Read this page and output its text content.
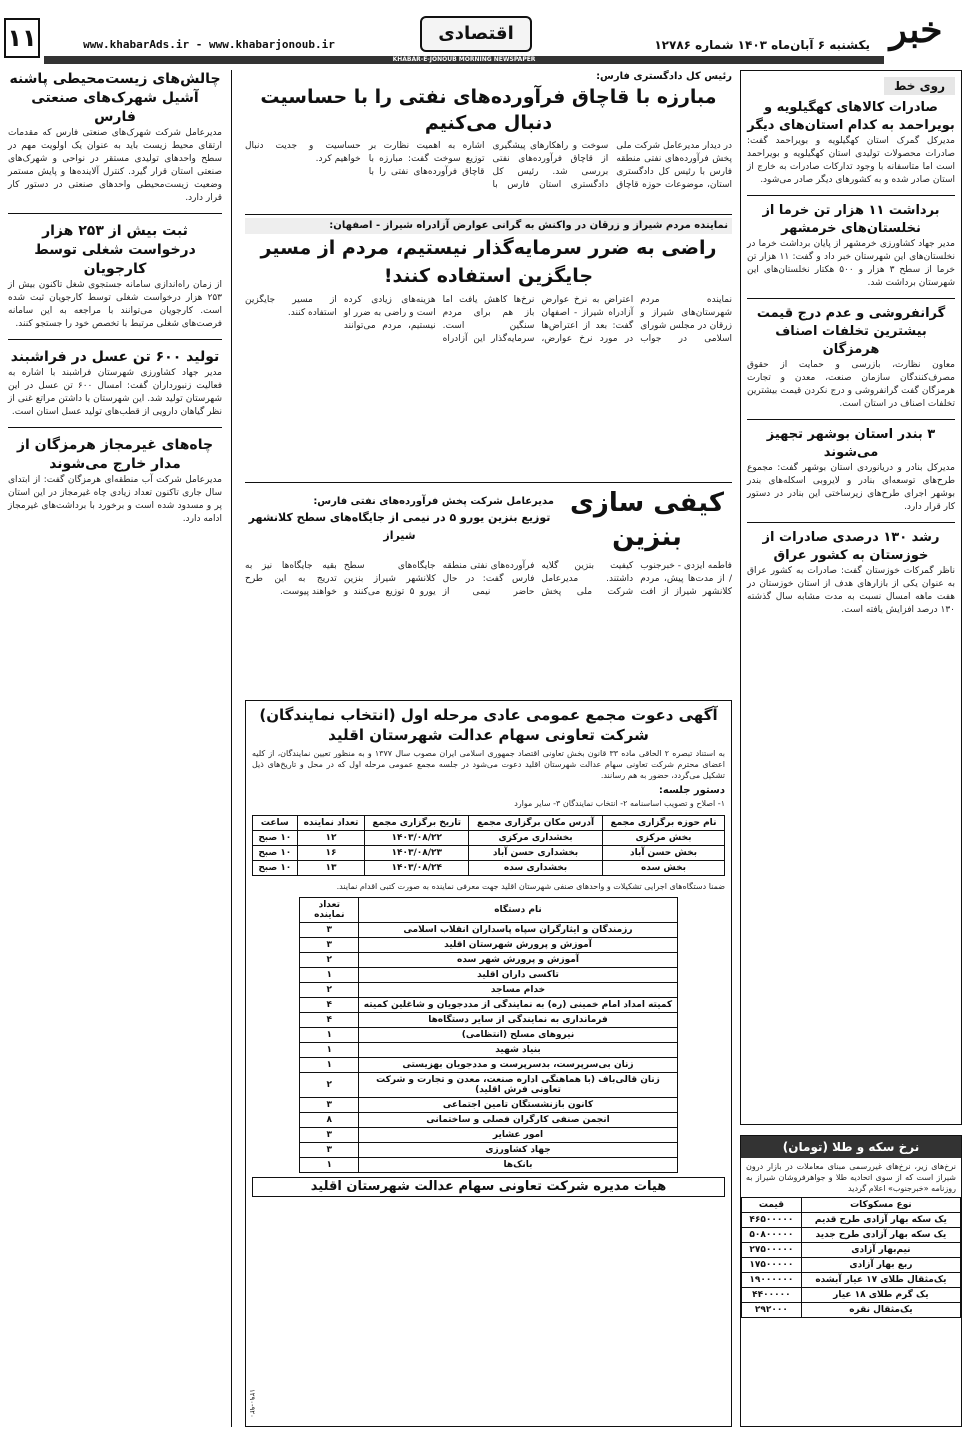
۱۱	www.khabarAds.ir - www.khabarjonoub.ir
اقتصادی
یکشنبه ۶ آبان‌ماه ۱۴۰۳ شماره ۱۲۷۸۶ خبر
KHABAR-E-JONOUB MORNING NEWSPAPER
روی خط
صادرات کالاهای کهگیلویه و بویراحمد به کدام استان‌های دیگر
مدیرکل گمرک استان کهگیلویه و بویراحمد گفت: صادرات محصولات تولیدی استان کهگیلویه و بویراحمد است اما متاسفانه با وجود تدارکات صادرات به خارج از استان صادر شده و به کشورهای دیگر صادر می‌شود.
برداشت ۱۱ هزار تن خرما از نخلستان‌های خرمشهر
مدیر جهاد کشاورزی خرمشهر از پایان برداشت خرما در نخلستان‌های این شهرستان خبر داد و گفت: ۱۱ هزار تن خرما از سطح ۳ هزار و ۵۰۰ هکتار نخلستان‌های این شهرستان برداشت شد.
گرانفروشی و عدم درج قیمت بیشترین تخلفات اصناف هرمزگان
معاون نظارت، بازرسی و حمایت از حقوق مصرف‌کنندگان سازمان صنعت، معدن و تجارت هرمزگان گفت گرانفروشی و درج نکردن قیمت بیشترین تخلفات اصناف در استان است.
۳ بندر استان بوشهر تجهیز می‌شوند
مدیرکل بنادر و دریانوردی استان بوشهر گفت: مجموع طرح‌های توسعه‌ای بنادر و لایروبی اسکله‌های بندر بوشهر اجرای طرح‌های زیرساختی این بنادر در دستور کار قرار دارد.
رشد ۱۳۰ درصدی صادرات از خوزستان به کشور عراق
ناظر گمرکات خوزستان گفت: صادرات به کشور عراق به عنوان یکی از بازارهای هدف از استان خوزستان در هفت ماهه امسال نسبت به مدت مشابه سال گذشته ۱۳۰ درصد افزایش یافته است.
نرخ سکه و طلا (تومان)
نرخ‌های زیر، نرخ‌های غیررسمی مبنای معاملات در بازار درون شیراز است که از سوی اتحادیه طلا و جواهرفروشان شیراز به روزنامه «خبرجنوب» اعلام گردید
نوع مسکوکات	قیمت
یک سکه بهار آزادی طرح قدیم	۴۶۵۰۰۰۰۰
یک سکه بهار آزادی طرح جدید	۵۰۸۰۰۰۰۰
نیم‌بهار آزادی	۲۷۵۰۰۰۰۰
ربع بهار آزادی	۱۷۵۰۰۰۰۰
یک‌مثقال طلای ۱۷ عیار آبشده	۱۹۰۰۰۰۰۰
یک گرم طلای ۱۸ عیار	۴۴۰۰۰۰۰
یک‌مثقال نقره	۲۹۲۰۰۰
رئیس کل دادگستری فارس:
مبارزه با قاچاق فرآورده‌های نفتی را با حساسیت دنبال می‌کنیم
در دیدار مدیرعامل شرکت ملی پخش فرآورده‌های نفتی منطقه فارس با رئیس کل دادگستری استان، موضوعات حوزه قاچاق سوخت و راهکارهای پیشگیری از قاچاق فرآورده‌های نفتی بررسی شد. رئیس کل دادگستری استان فارس با اشاره به اهمیت نظارت بر توزیع سوخت گفت: مبارزه با قاچاق فرآورده‌های نفتی را با حساسیت و جدیت دنبال خواهیم کرد.
نماینده مردم شیراز و زرقان در واکنش به گرانی عوارض آزادراه شیراز - اصفهان:
راضی به ضرر سرمایه‌گذار نیستیم، مردم از مسیر جایگزین استفاده کنند!
نماینده مردم شهرستان‌های شیراز و زرقان در مجلس شورای اسلامی در جواب اعتراض به نرخ عوارض آزادراه شیراز - اصفهان گفت: بعد از اعتراض‌ها در مورد نرخ عوارض، نرخ‌ها کاهش یافت اما باز هم برای مردم سنگین است. سرمایه‌گذار این آزادراه هزینه‌های زیادی کرده است و راضی به ضرر او نیستیم، مردم می‌توانند از مسیر جایگزین استفاده کنند.
کیفی سازی بنزین
مدیرعامل شرکت پخش فرآورده‌های نفتی فارس:
توزیع بنزین یورو ۵ در نیمی از جایگاه‌های سطح کلانشهر شیراز
فاطمه ایزدی - خبرجنوب / از مدت‌ها پیش، مردم کلانشهر شیراز از افت کیفیت بنزین گلایه داشتند. مدیرعامل شرکت ملی پخش فرآورده‌های نفتی منطقه فارس گفت: در حال حاضر نیمی از جایگاه‌های سطح کلانشهر شیراز بنزین یورو ۵ توزیع می‌کنند و بقیه جایگاه‌ها نیز به تدریج به این طرح خواهند پیوست.
آگهی دعوت مجمع عمومی عادی مرحله اول (انتخاب نمایندگان)
شرکت تعاونی سهام عدالت شهرستان اقلید
به استناد تبصره ۲ الحاقی ماده ۳۳ قانون بخش تعاونی اقتصاد جمهوری اسلامی ایران مصوب سال ۱۳۷۷ و به منظور تعیین نمایندگان، از کلیه اعضای محترم شرکت تعاونی سهام عدالت شهرستان اقلید دعوت می‌شود در جلسه مجمع عمومی مرحله اول که در محل و تاریخ‌های ذیل تشکیل می‌گردد، حضور به هم رسانند.
دستور جلسه:
۱- اصلاح و تصویب اساسنامه ۲- انتخاب نمایندگان ۳- سایر موارد
نام حوزه برگزاری مجمع	آدرس مکان برگزاری مجمع	تاریخ برگزاری مجمع	تعداد نماینده	ساعت
بخش مرکزی	بخشداری مرکزی	۱۴۰۳/۰۸/۲۲	۱۲	۱۰ صبح
بخش حسن آباد	بخشداری حسن آباد	۱۴۰۳/۰۸/۲۳	۱۶	۱۰ صبح
بخش سده	بخشداری سده	۱۴۰۳/۰۸/۲۴	۱۳	۱۰ صبح
ضمنا دستگاه‌های اجرایی تشکیلات و واحدهای صنفی شهرستان اقلید جهت معرفی نماینده به صورت کتبی اقدام نمایند.
نام دستگاه	تعداد نماینده
رزمندگان و ایثارگران سپاه پاسداران انقلاب اسلامی	۳
آموزش و پرورش شهرستان اقلید	۳
آموزش و پرورش شهر سده	۲
تاکسی داران اقلید	۱
خدام مساجد	۲
کمیته امداد امام خمینی (ره) به نمایندگی از مددجویان و شاغلین کمیته	۴
فرمانداری به نمایندگی از سایر دستگاه‌ها	۴
نیروهای مسلح (انتظامی)	۱
بنیاد شهید	۱
زنان بی‌سرپرست، بدسرپرست و مددجویان بهزیستی	۱
زنان قالی‌باف (با هماهنگی اداره صنعت، معدن و تجارت و شرکت تعاونی فرش اقلید)	۲
کانون بازنشستگان تامین اجتماعی	۳
انجمن صنفی کارگران فصلی و ساختمانی	۸
امور عشایر	۳
جهاد کشاورزی	۳
بانک‌ها	۱
هیات مدیره شرکت تعاونی سهام عدالت شهرستان اقلید
۱۲۹۰-۹۲۰
چالش‌های زیست‌محیطی پاشنه آشیل شهرک‌های صنعتی فارس
مدیرعامل شرکت شهرک‌های صنعتی فارس که مقدمات ارتقای محیط زیست باید به عنوان یک اولویت مهم در سطح واحدهای تولیدی مستقر در نواحی و شهرک‌های صنعتی استان قرار گیرد. کنترل آلاینده‌ها و پایش مستمر وضعیت زیست‌محیطی واحدهای صنعتی در دستور کار قرار دارد.
ثبت بیش از ۲۵۳ هزار درخواست شغلی توسط کارجویان
از زمان راه‌اندازی سامانه جستجوی شغل تاکنون بیش از ۲۵۳ هزار درخواست شغلی توسط کارجویان ثبت شده است. کارجویان می‌توانند با مراجعه به این سامانه فرصت‌های شغلی مرتبط با تخصص خود را جستجو کنند.
تولید ۶۰۰ تن عسل در فراشبند
مدیر جهاد کشاورزی شهرستان فراشبند با اشاره به فعالیت زنبورداران گفت: امسال ۶۰۰ تن عسل در این شهرستان تولید شد. این شهرستان با داشتن مراتع غنی از نظر گیاهان دارویی از قطب‌های تولید عسل استان است.
چاه‌های غیرمجاز هرمزگان از مدار خارج می‌شوند
مدیرعامل شرکت آب منطقه‌ای هرمزگان گفت: از ابتدای سال جاری تاکنون تعداد زیادی چاه غیرمجاز در این استان پر و مسدود شده است و برخورد با برداشت‌های غیرمجاز ادامه دارد.
